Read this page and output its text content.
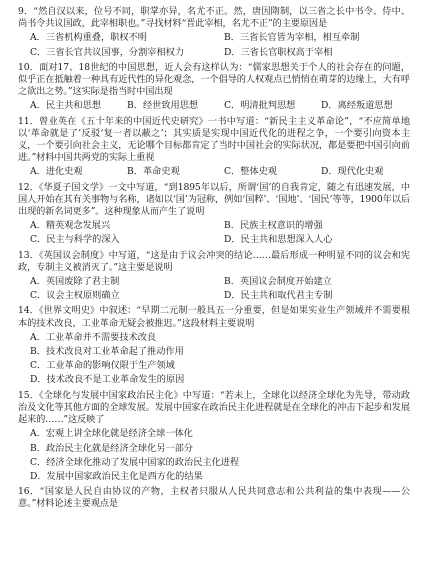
9．“然自汉以来，位号不同，职掌亦异，名尤不正。然，唐因隋制，以三省之长中书令、侍中、尚书令共议国政，此宰相职也。”寻找材料“晋此宰相，名尤不正”的主要原因是

A．三省机构重叠，职权不明	B．三省长官皆为宰相，相互牵制
C．三省长官共议国事，分割宰相权力	D．三省长官职权高于宰相

10．面对17、18世纪的中国思想，近人会有这样认为：“儒家思想关于个人的社会存在的问题，似乎正在抵触着一种具有近代性的异化观念，一个倡导的人权观点已悄悄在萌芽的边缘上，大有呼之欲出之势。”这实际是指当时中国出现

A．民主共和思想	B．经世致用思想	C．明清批判思想	D．离经叛道思想

11．曾业英在《五十年来的中国近代史研究》一书中写道：“新民主主义革命论”，“不应简单地以‘革命就是了’反驳‘复一者以蔽之’；其实质是实现中国近代化的进程之争，一个要引向资本主义，一个要引向社会主义，无论哪个目标都肯定了当时中国社会的实际状况，都是要把中国引向前进。”材料中国共两党的实际上重视

A．进化史观	B．革命史观	C．整体史观	D．现代化史观

12．《华夏子国文学》一文中写道，“到1895年以后，所谓‘国’的自我肯定，随之有迅速发展，中国人开始在其有关事物与名称，诸如以‘国’为冠称，例如‘国粹’、‘国地’、‘国民’等等，1900年以后出现的新名词更多”。这种现象从而产生了说明

A．精英观念发展兴	B．民族主权意识的增强
C．民主与科学的深入	D．民主共和思想深入人心

13．《英国议会制度》中写道，“这是由于议会冲突的结论……最后形成一种明显不同的议会和宪政，专制主义被消灭了。”这主要是说明

A．英国废除了君主制	B．英国议会制度开始建立
C．议会主权原则确立	D．民主共和取代君主专制

14．《世界文明史》中叙述：“早期二元制一般具五一分重要，但是如果实业生产领域并不需要根本的技术改良，工业革命无疑会被推迟。”这段材料主要说明

A．工业革命并不需要技术改良
B．技术改良对工业革命起了推动作用
C．工业革命的影响仅限于生产领域
D．技术改良不是工业革命发生的原因

15．《全球化与发展中国家政治民主化》中写道：“若未上，全球化以经济全球化为先导，带动政治及文化等其他方面的全球发展。发展中国家在政治民主化进程就是在全球化的冲击下起步和发展起来的……”这反映了

A．宏观上讲全球化就是经济全球一体化
B．政治民主化就是经济全球化另一部分
C．经济全球化推动了发展中国家的政治民主化进程
D．发展中国家政治民主化是西方化的结果

16．“国家是人民自由协议的产物，主权者只服从人民共同意志和公共利益的集中表现——公意。”材料论述主要观点是
